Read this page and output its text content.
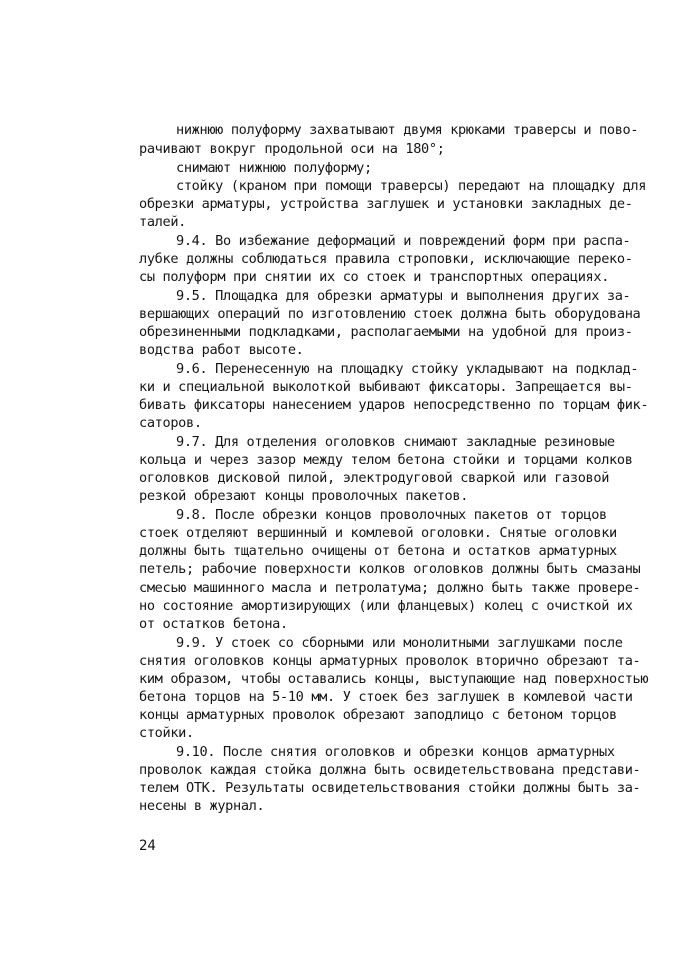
нижнюю полуформу захватывают двумя крюками траверсы и пово-
рачивают вокруг продольной оси на 180°;
снимают нижнюю полуформу;
стойку (краном при помощи траверсы) передают на площадку для
обрезки арматуры, устройства заглушек и установки закладных де-
талей.
9.4. Во избежание деформаций и повреждений форм при распа-
лубке должны соблюдаться правила строповки, исключающие переко-
сы полуформ при снятии их со стоек и транспортных операциях.
9.5. Площадка для обрезки арматуры и выполнения других за-
вершающих операций по изготовлению стоек должна быть оборудована
обрезиненными подкладками, располагаемыми на удобной для произ-
водства работ высоте.
9.6. Перенесенную на площадку стойку укладывают на подклад-
ки и специальной выколоткой выбивают фиксаторы. Запрещается вы-
бивать фиксаторы нанесением ударов непосредственно по торцам фик-
саторов.
9.7. Для отделения оголовков снимают закладные резиновые
кольца и через зазор между телом бетона стойки и торцами колков
оголовков дисковой пилой, электродуговой сваркой или газовой
резкой обрезают концы проволочных пакетов.
9.8. После обрезки концов проволочных пакетов от торцов
стоек отделяют вершинный и комлевой оголовки. Снятые оголовки
должны быть тщательно очищены от бетона и остатков арматурных
петель; рабочие поверхности колков оголовков должны быть смазаны
смесью машинного масла и петролатума; должно быть также провере-
но состояние амортизирующих (или фланцевых) колец с очисткой их
от остатков бетона.
9.9. У стоек со сборными или монолитными заглушками после
снятия оголовков концы арматурных проволок вторично обрезают та-
ким образом, чтобы оставались концы, выступающие над поверхностью
бетона торцов на 5-10 мм. У стоек без заглушек в комлевой части
концы арматурных проволок обрезают заподлицо с бетоном торцов
стойки.
9.10. После снятия оголовков и обрезки концов арматурных
проволок каждая стойка должна быть освидетельствована представи-
телем ОТК. Результаты освидетельствования стойки должны быть за-
несены в журнал.
24
